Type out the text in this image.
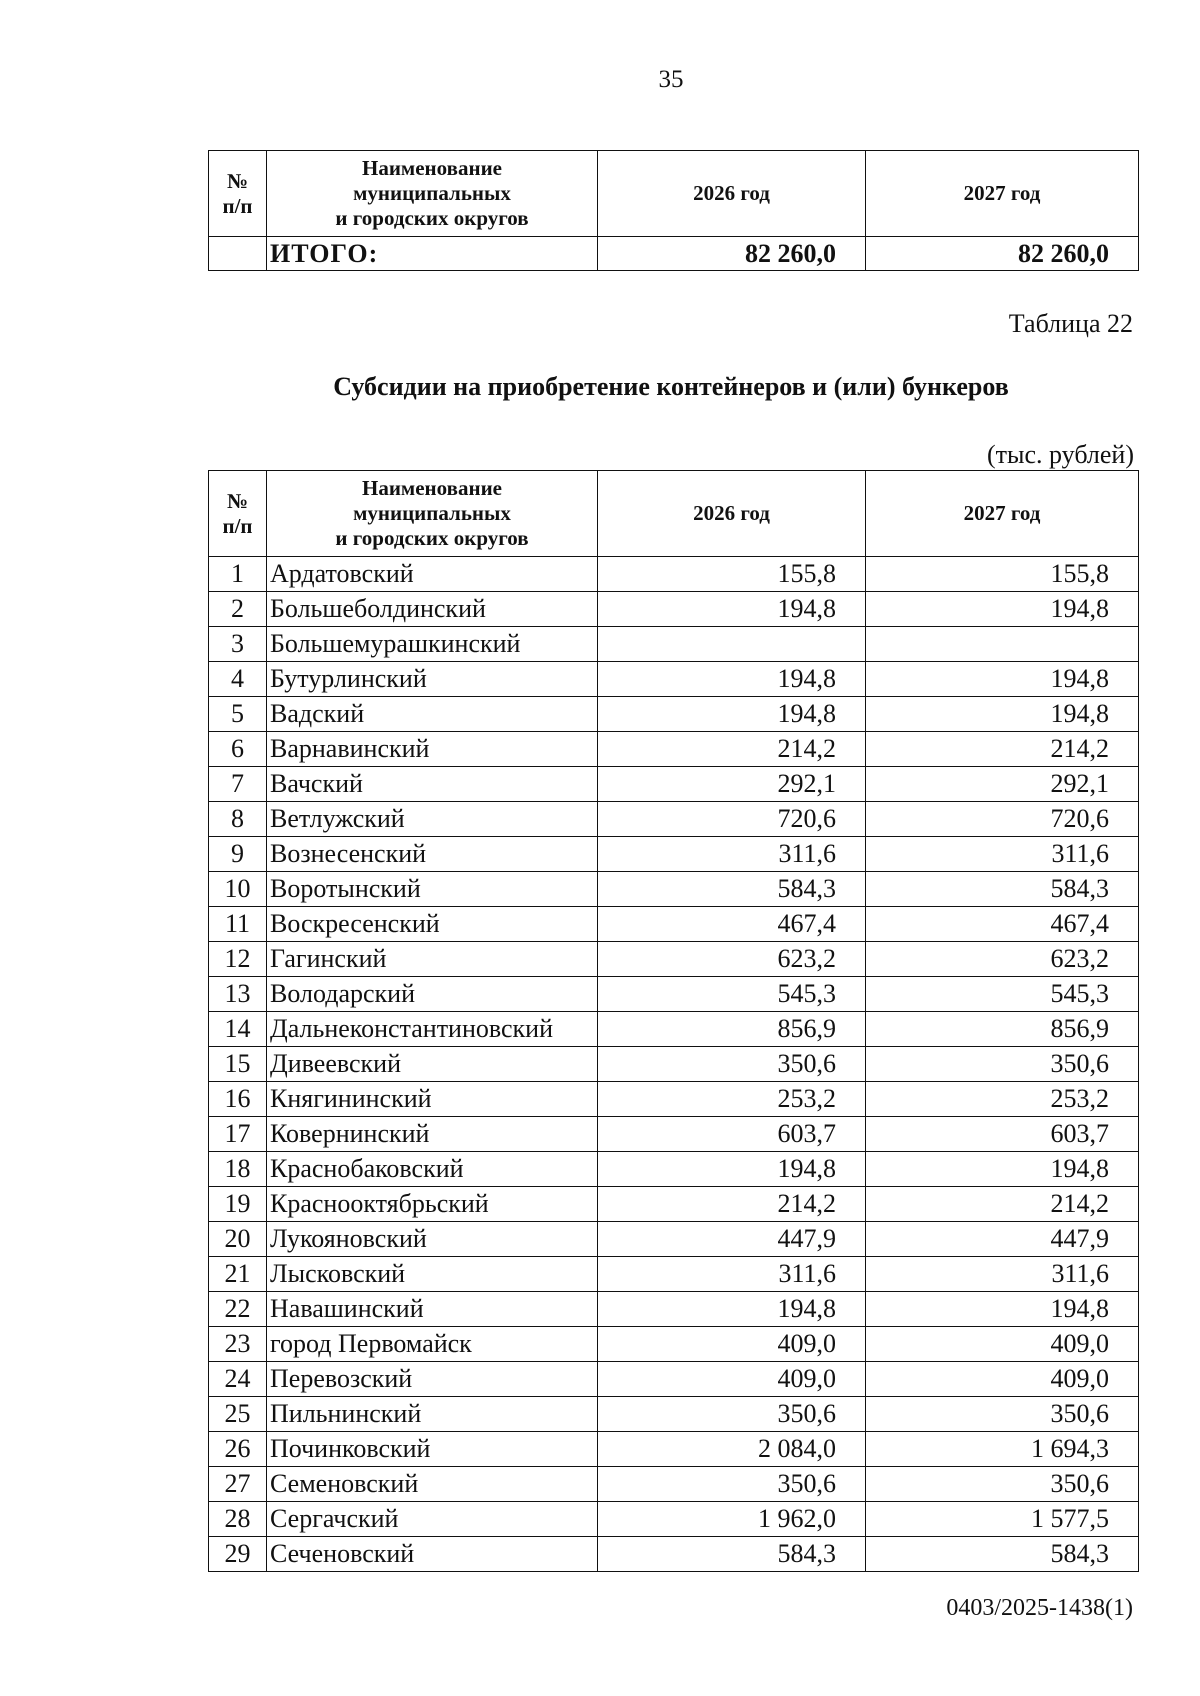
35
№
п/п	Наименование
муниципальных
и городских округов	2026 год	2027 год
	ИТОГО:	82 260,0	82 260,0
Таблица 22
Субсидии на приобретение контейнеров и (или) бункеров
(тыс. рублей)
№
п/п	Наименование
муниципальных
и городских округов	2026 год	2027 год
1	Ардатовский	155,8	155,8
2	Большеболдинский	194,8	194,8
3	Большемурашкинский		
4	Бутурлинский	194,8	194,8
5	Вадский	194,8	194,8
6	Варнавинский	214,2	214,2
7	Вачский	292,1	292,1
8	Ветлужский	720,6	720,6
9	Вознесенский	311,6	311,6
10	Воротынский	584,3	584,3
11	Воскресенский	467,4	467,4
12	Гагинский	623,2	623,2
13	Володарский	545,3	545,3
14	Дальнеконстантиновский	856,9	856,9
15	Дивеевский	350,6	350,6
16	Княгининский	253,2	253,2
17	Ковернинский	603,7	603,7
18	Краснобаковский	194,8	194,8
19	Краснооктябрьский	214,2	214,2
20	Лукояновский	447,9	447,9
21	Лысковский	311,6	311,6
22	Навашинский	194,8	194,8
23	город Первомайск	409,0	409,0
24	Перевозский	409,0	409,0
25	Пильнинский	350,6	350,6
26	Починковский	2 084,0	1 694,3
27	Семеновский	350,6	350,6
28	Сергачский	1 962,0	1 577,5
29	Сеченовский	584,3	584,3
0403/2025-1438(1)
